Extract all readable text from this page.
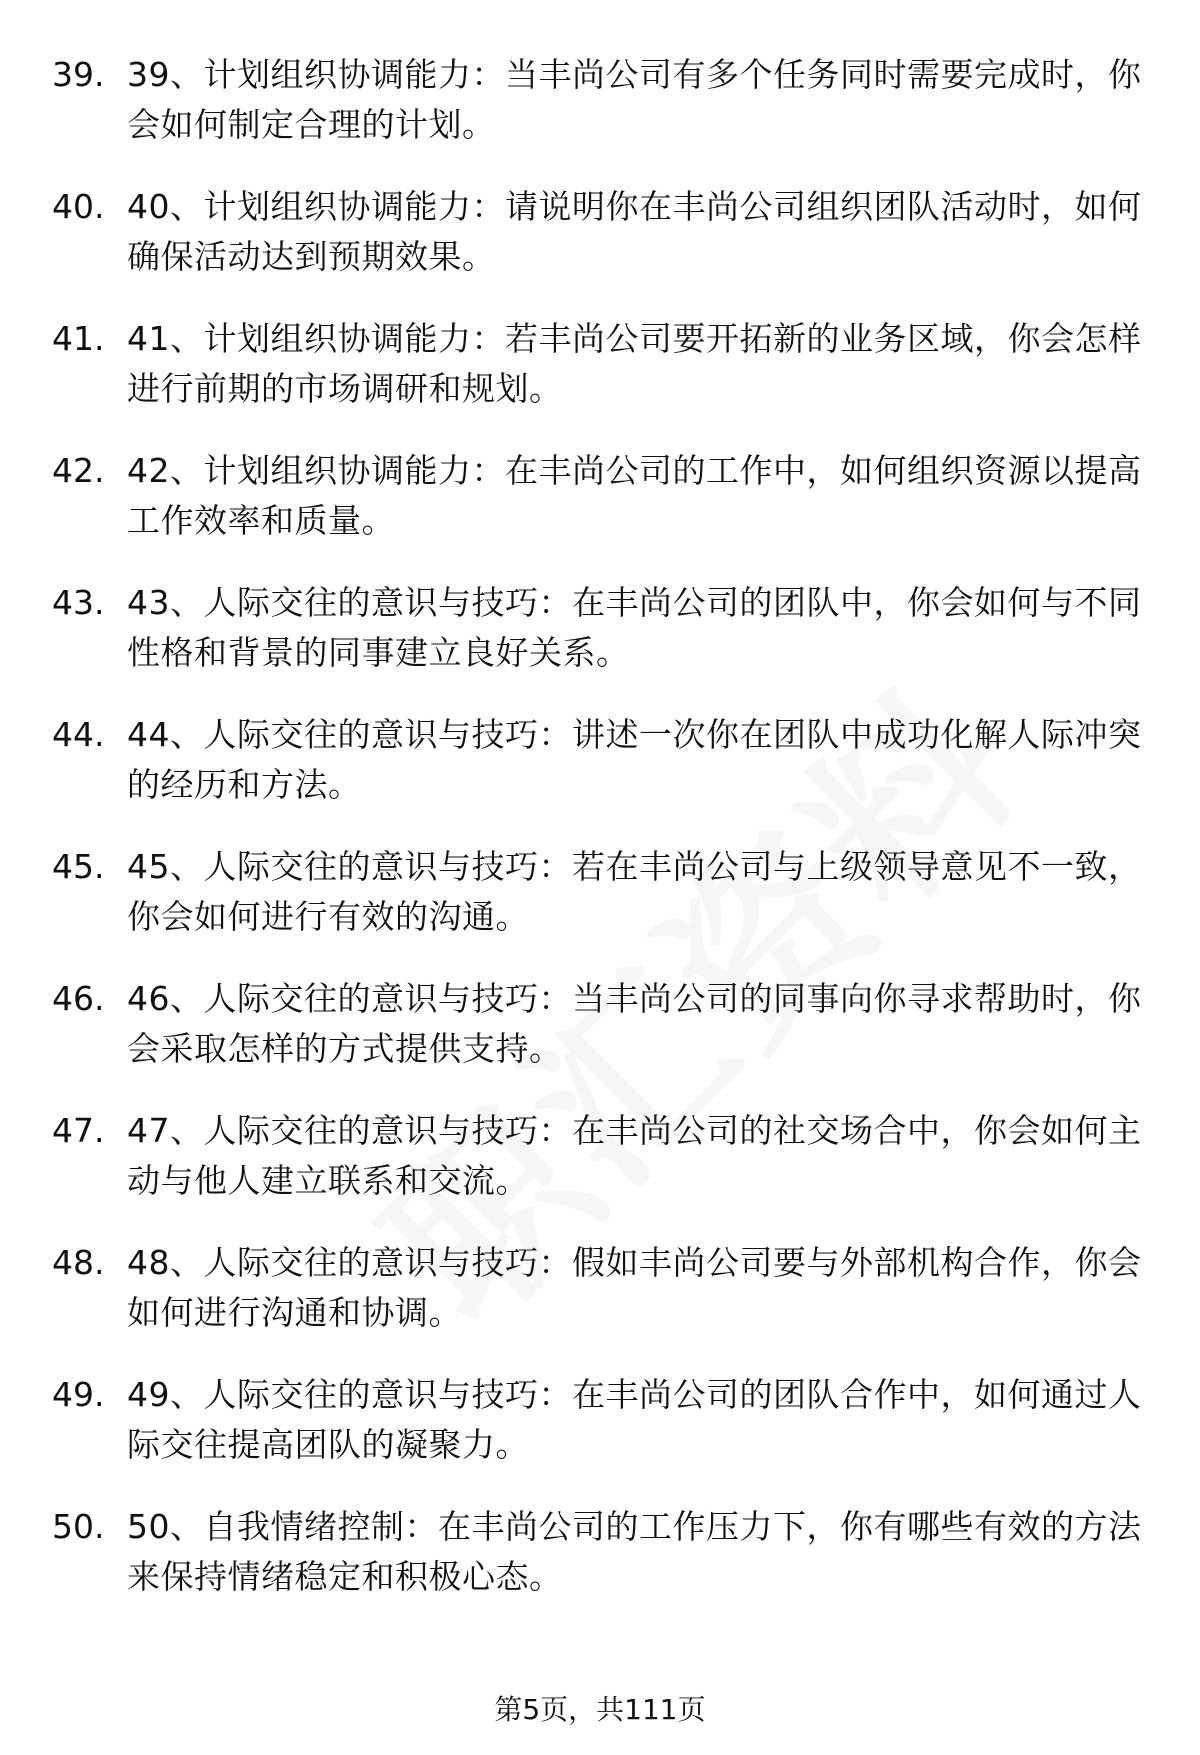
39. 39、计划组织协调能力：当丰尚公司有多个任务同时需要完成时，你会如何制定合理的计划。
40. 40、计划组织协调能力：请说明你在丰尚公司组织团队活动时，如何确保活动达到预期效果。
41. 41、计划组织协调能力：若丰尚公司要开拓新的业务区域，你会怎样进行前期的市场调研和规划。
42. 42、计划组织协调能力：在丰尚公司的工作中，如何组织资源以提高工作效率和质量。
43. 43、人际交往的意识与技巧：在丰尚公司的团队中，你会如何与不同性格和背景的同事建立良好关系。
44. 44、人际交往的意识与技巧：讲述一次你在团队中成功化解人际冲突的经历和方法。
45. 45、人际交往的意识与技巧：若在丰尚公司与上级领导意见不一致，你会如何进行有效的沟通。
46. 46、人际交往的意识与技巧：当丰尚公司的同事向你寻求帮助时，你会采取怎样的方式提供支持。
47. 47、人际交往的意识与技巧：在丰尚公司的社交场合中，你会如何主动与他人建立联系和交流。
48. 48、人际交往的意识与技巧：假如丰尚公司要与外部机构合作，你会如何进行沟通和协调。
49. 49、人际交往的意识与技巧：在丰尚公司的团队合作中，如何通过人际交往提高团队的凝聚力。
50. 50、自我情绪控制：在丰尚公司的工作压力下，你有哪些有效的方法来保持情绪稳定和积极心态。
第5页，共111页
